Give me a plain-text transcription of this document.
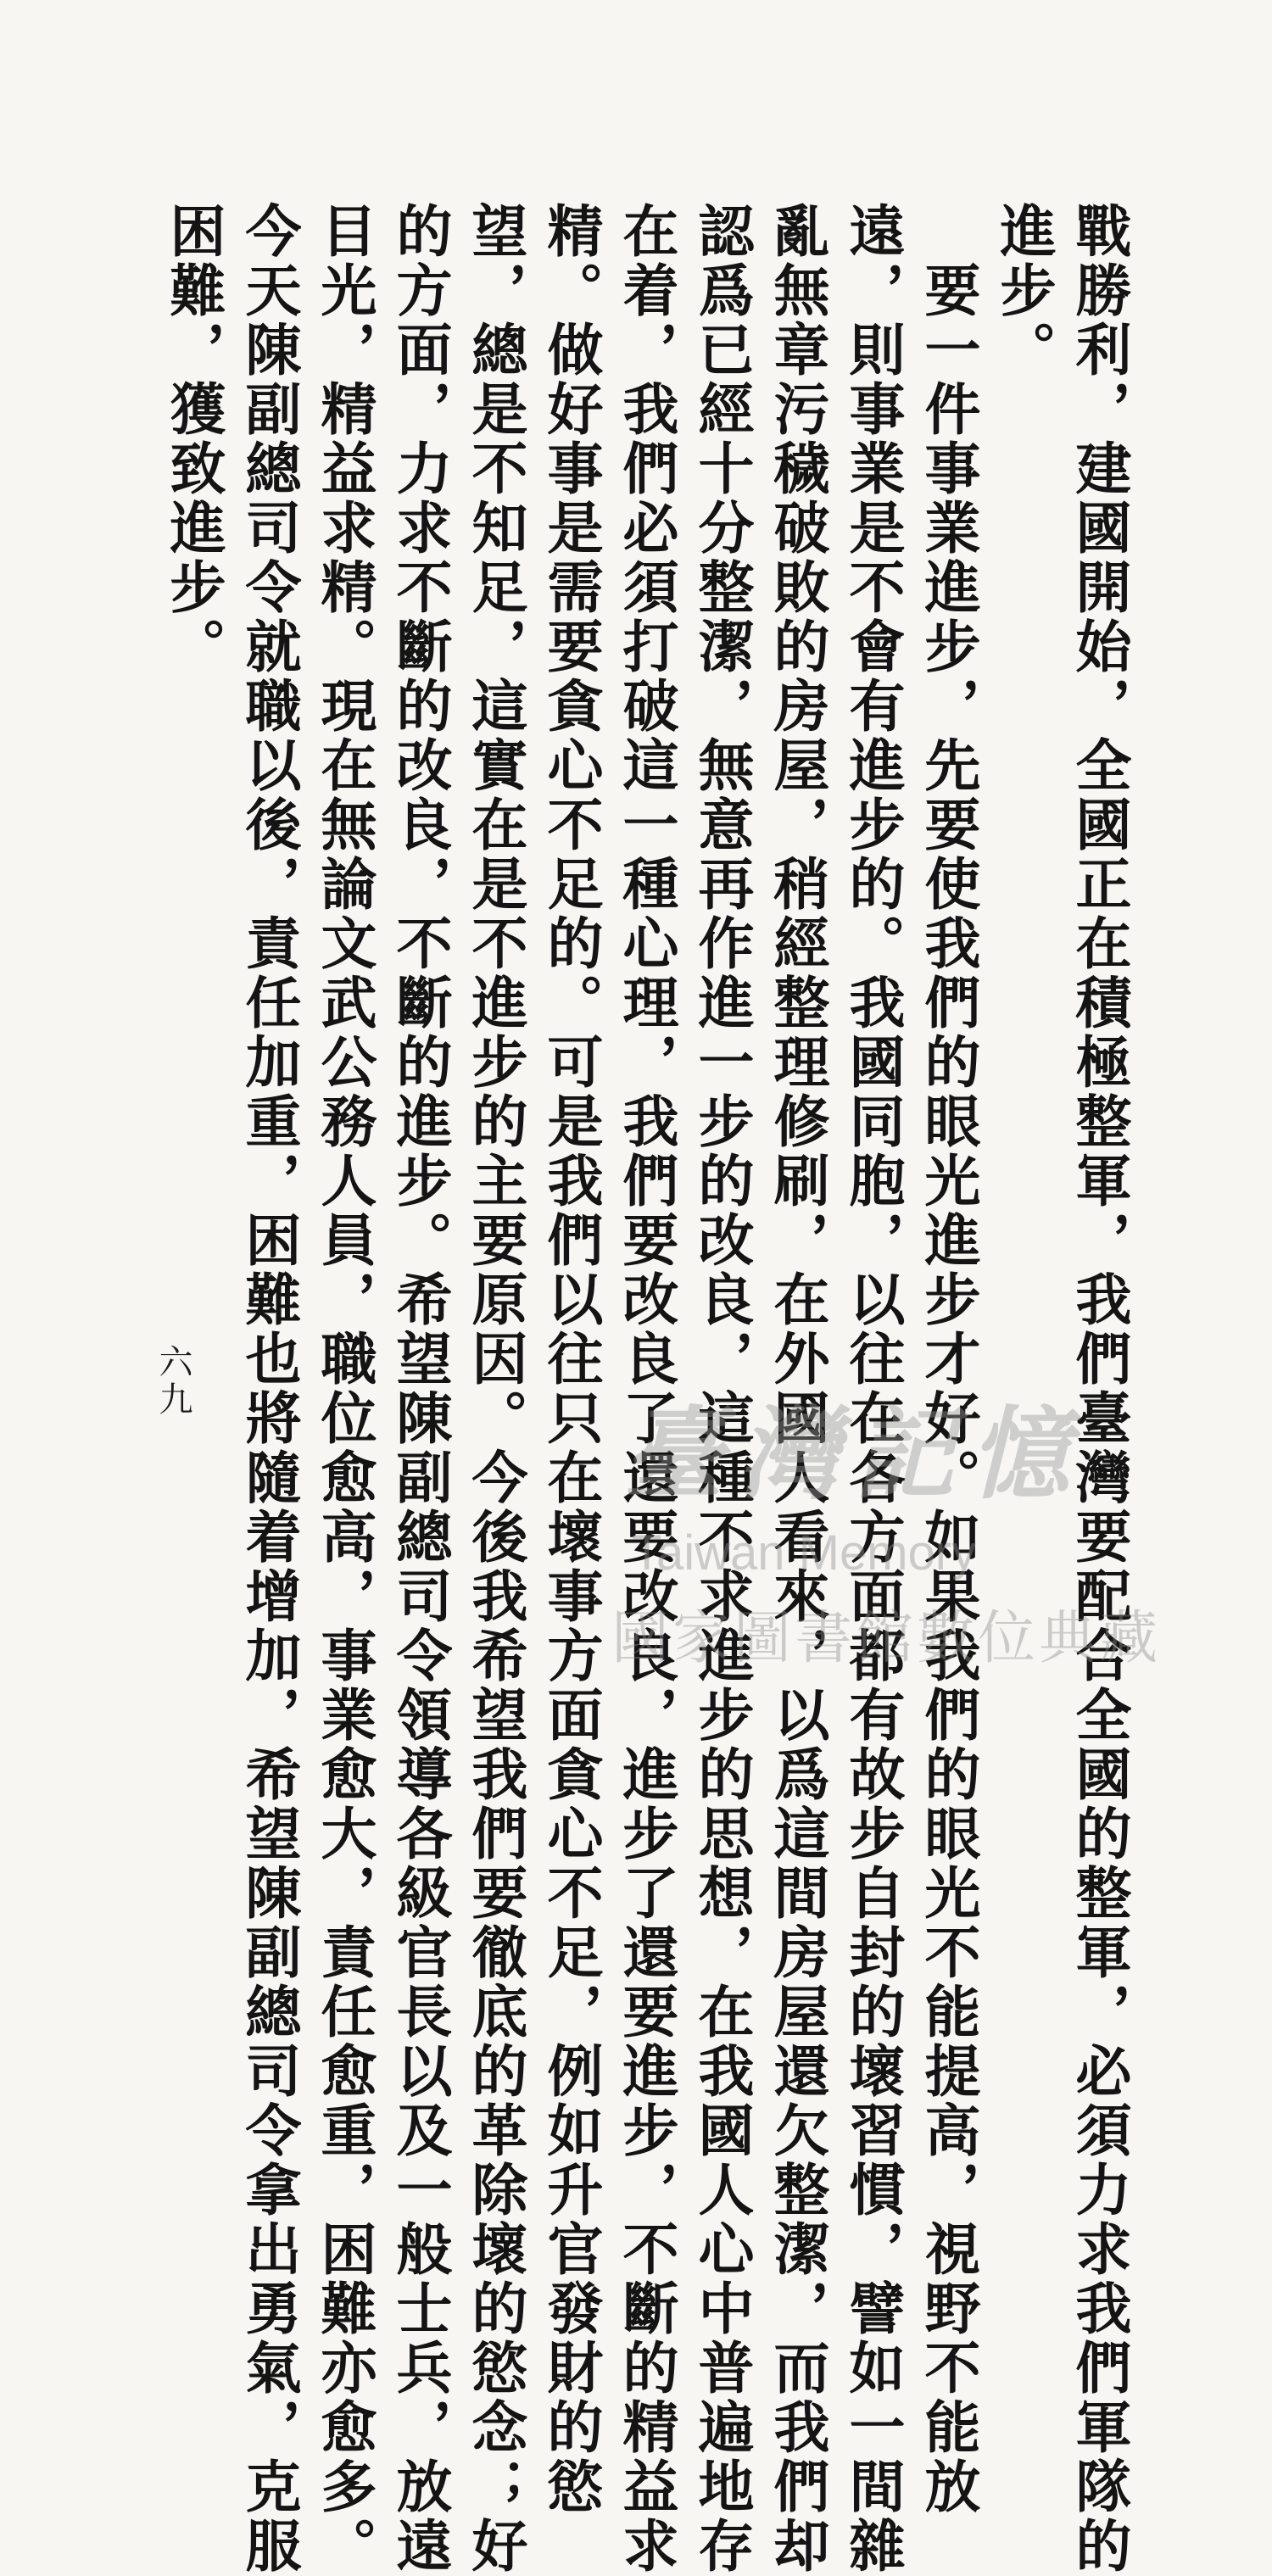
戰勝利，建國開始，全國正在積極整軍，我們臺灣要配合全國的整軍，必須力求我們軍隊的

進步。

　要一件事業進步，先要使我們的眼光進步才好。如果我們的眼光不能提高，視野不能放

遠，則事業是不會有進步的。我國同胞，以往在各方面都有故步自封的壞習慣，譬如一間雜

亂無章污穢破敗的房屋，稍經整理修刷，在外國人看來，以爲這間房屋還欠整潔，而我們却

認爲已經十分整潔，無意再作進一步的改良，這種不求進步的思想，在我國人心中普遍地存

在着，我們必須打破這一種心理，我們要改良了還要改良，進步了還要進步，不斷的精益求

精。做好事是需要貪心不足的。可是我們以往只在壞事方面貪心不足，例如升官發財的慾

望，總是不知足，這實在是不進步的主要原因。今後我希望我們要徹底的革除壞的慾念；好

的方面，力求不斷的改良，不斷的進步。希望陳副總司令領導各級官長以及一般士兵，放遠

目光，精益求精。現在無論文武公務人員，職位愈高，事業愈大，責任愈重，困難亦愈多。

今天陳副總司令就職以後，責任加重，困難也將隨着增加，希望陳副總司令拿出勇氣，克服

困難，獲致進步。

六九
臺灣記憶
Taiwan Memory
國家圖書館數位典藏
